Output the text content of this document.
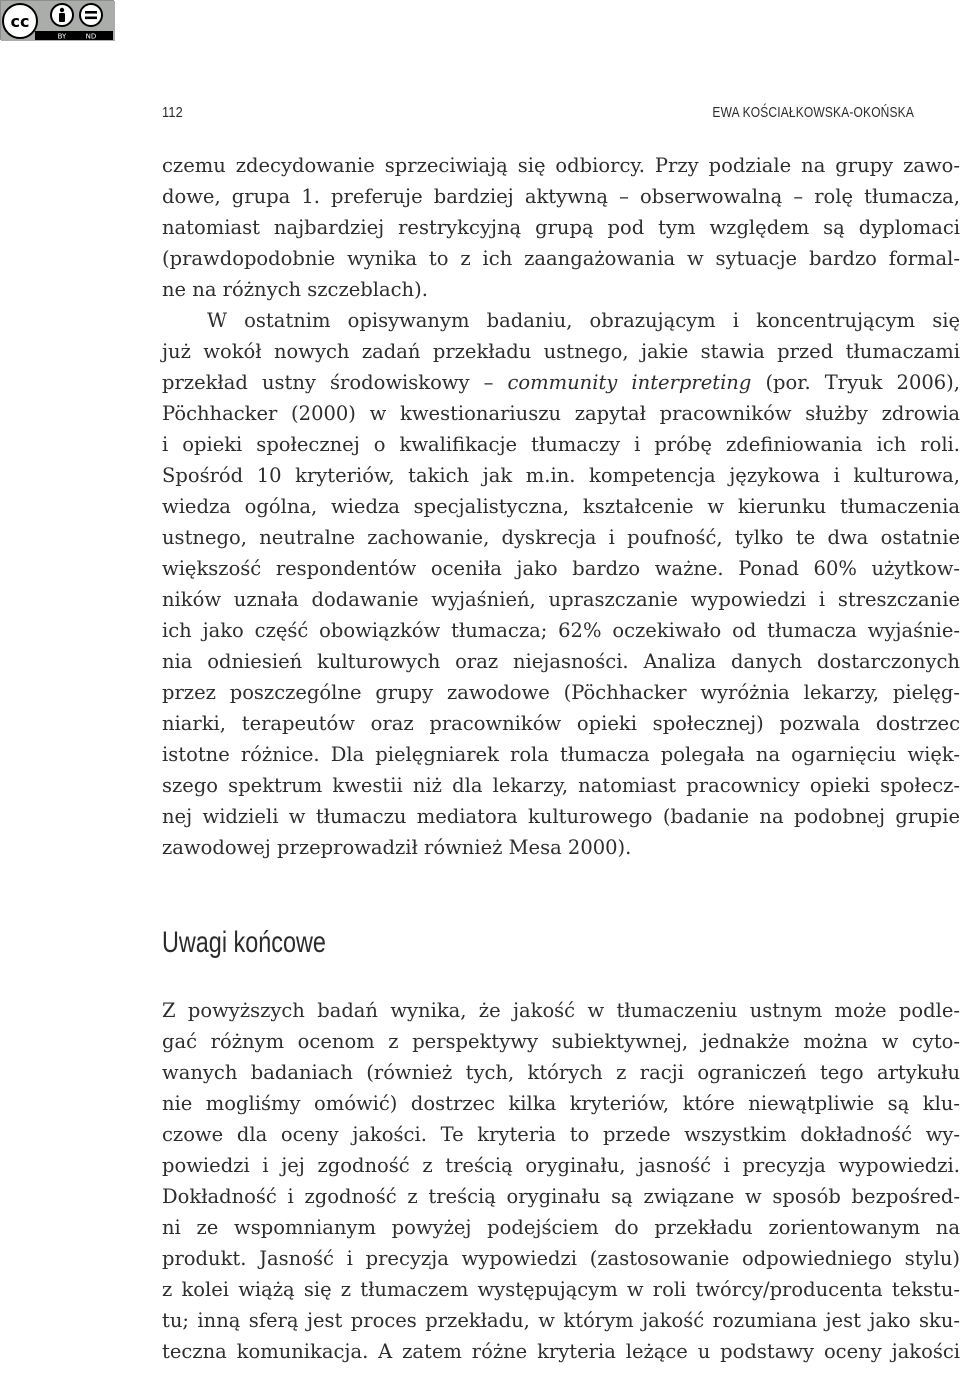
cc
BY	ND
112	EWA KOŚCIAŁKOWSKA-OKOŃSKA
czemu zdecydowanie sprzeciwiają się odbiorcy. Przy podziale na grupy zawo-
dowe, grupa 1. preferuje bardziej aktywną – obserwowalną – rolę tłumacza,
natomiast najbardziej restrykcyjną grupą pod tym względem są dyplomaci
(prawdopodobnie wynika to z ich zaangażowania w sytuacje bardzo formal-
ne na różnych szczeblach).
W ostatnim opisywanym badaniu, obrazującym i koncentrującym się
już wokół nowych zadań przekładu ustnego, jakie stawia przed tłumaczami
przekład ustny środowiskowy – community interpreting (por. Tryuk 2006),
Pöchhacker (2000) w kwestionariuszu zapytał pracowników służby zdrowia
i opieki społecznej o kwalifikacje tłumaczy i próbę zdefiniowania ich roli.
Spośród 10 kryteriów, takich jak m.in. kompetencja językowa i kulturowa,
wiedza ogólna, wiedza specjalistyczna, kształcenie w kierunku tłumaczenia
ustnego, neutralne zachowanie, dyskrecja i poufność, tylko te dwa ostatnie
większość respondentów oceniła jako bardzo ważne. Ponad 60% użytkow-
ników uznała dodawanie wyjaśnień, upraszczanie wypowiedzi i streszczanie
ich jako część obowiązków tłumacza; 62% oczekiwało od tłumacza wyjaśnie-
nia odniesień kulturowych oraz niejasności. Analiza danych dostarczonych
przez poszczególne grupy zawodowe (Pöchhacker wyróżnia lekarzy, pielęg-
niarki, terapeutów oraz pracowników opieki społecznej) pozwala dostrzec
istotne różnice. Dla pielęgniarek rola tłumacza polegała na ogarnięciu więk-
szego spektrum kwestii niż dla lekarzy, natomiast pracownicy opieki społecz-
nej widzieli w tłumaczu mediatora kulturowego (badanie na podobnej grupie
zawodowej przeprowadził również Mesa 2000).
Uwagi końcowe
Z powyższych badań wynika, że jakość w tłumaczeniu ustnym może podle-
gać różnym ocenom z perspektywy subiektywnej, jednakże można w cyto-
wanych badaniach (również tych, których z racji ograniczeń tego artykułu
nie mogliśmy omówić) dostrzec kilka kryteriów, które niewątpliwie są klu-
czowe dla oceny jakości. Te kryteria to przede wszystkim dokładność wy-
powiedzi i jej zgodność z treścią oryginału, jasność i precyzja wypowiedzi.
Dokładność i zgodność z treścią oryginału są związane w sposób bezpośred-
ni ze wspomnianym powyżej podejściem do przekładu zorientowanym na
produkt. Jasność i precyzja wypowiedzi (zastosowanie odpowiedniego stylu)
z kolei wiążą się z tłumaczem występującym w roli twórcy/producenta tekstu-
tu; inną sferą jest proces przekładu, w którym jakość rozumiana jest jako sku-
teczna komunikacja. A zatem różne kryteria leżące u podstawy oceny jakości
